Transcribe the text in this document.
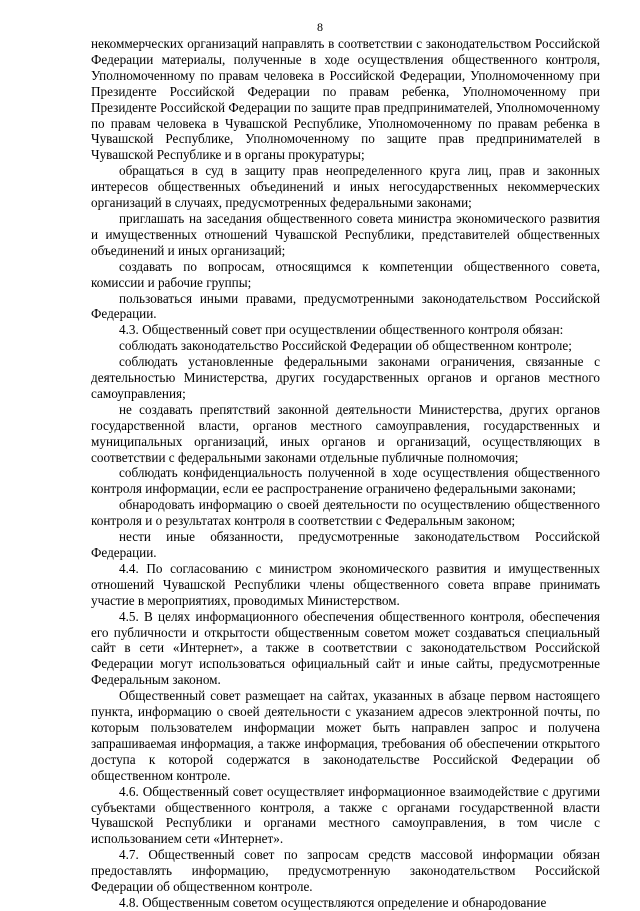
8

некоммерческих организаций направлять в соответствии с законодательством Российской Федерации материалы, полученные в ходе осуществления общественного контроля, Уполномоченному по правам человека в Российской Федерации, Уполномоченному при Президенте Российской Федерации по правам ребенка, Уполномоченному при Президенте Российской Федерации по защите прав предпринимателей, Уполномоченному по правам человека в Чувашской Республике, Уполномоченному по правам ребенка в Чувашской Республике, Уполномоченному по защите прав предпринимателей в Чувашской Республике и в органы прокуратуры;

обращаться в суд в защиту прав неопределенного круга лиц, прав и законных интересов общественных объединений и иных негосударственных некоммерческих организаций в случаях, предусмотренных федеральными законами;

приглашать на заседания общественного совета министра экономического развития и имущественных отношений Чувашской Республики, представителей общественных объединений и иных организаций;

создавать по вопросам, относящимся к компетенции общественного совета, комиссии и рабочие группы;

пользоваться иными правами, предусмотренными законодательством Российской Федерации.

4.3. Общественный совет при осуществлении общественного контроля обязан:

соблюдать законодательство Российской Федерации об общественном контроле;

соблюдать установленные федеральными законами ограничения, связанные с деятельностью Министерства, других государственных органов и органов местного самоуправления;

не создавать препятствий законной деятельности Министерства, других органов государственной власти, органов местного самоуправления, государственных и муниципальных организаций, иных органов и организаций, осуществляющих в соответствии с федеральными законами отдельные публичные полномочия;

соблюдать конфиденциальность полученной в ходе осуществления общественного контроля информации, если ее распространение ограничено федеральными законами;

обнародовать информацию о своей деятельности по осуществлению общественного контроля и о результатах контроля в соответствии с Федеральным законом;

нести иные обязанности, предусмотренные законодательством Российской Федерации.

4.4. По согласованию с министром экономического развития и имущественных отношений Чувашской Республики члены общественного совета вправе принимать участие в мероприятиях, проводимых Министерством.

4.5. В целях информационного обеспечения общественного контроля, обеспечения его публичности и открытости общественным советом может создаваться специальный сайт в сети «Интернет», а также в соответствии с законодательством Российской Федерации могут использоваться официальный сайт и иные сайты, предусмотренные Федеральным законом.

Общественный совет размещает на сайтах, указанных в абзаце первом настоящего пункта, информацию о своей деятельности с указанием адресов электронной почты, по которым пользователем информации может быть направлен запрос и получена запрашиваемая информация, а также информация, требования об обеспечении открытого доступа к которой содержатся в законодательстве Российской Федерации об общественном контроле.

4.6. Общественный совет осуществляет информационное взаимодействие с другими субъектами общественного контроля, а также с органами государственной власти Чувашской Республики и органами местного самоуправления, в том числе с использованием сети «Интернет».

4.7. Общественный совет по запросам средств массовой информации обязан предоставлять информацию, предусмотренную законодательством Российской Федерации об общественном контроле.

4.8. Общественным советом осуществляются определение и обнародование
